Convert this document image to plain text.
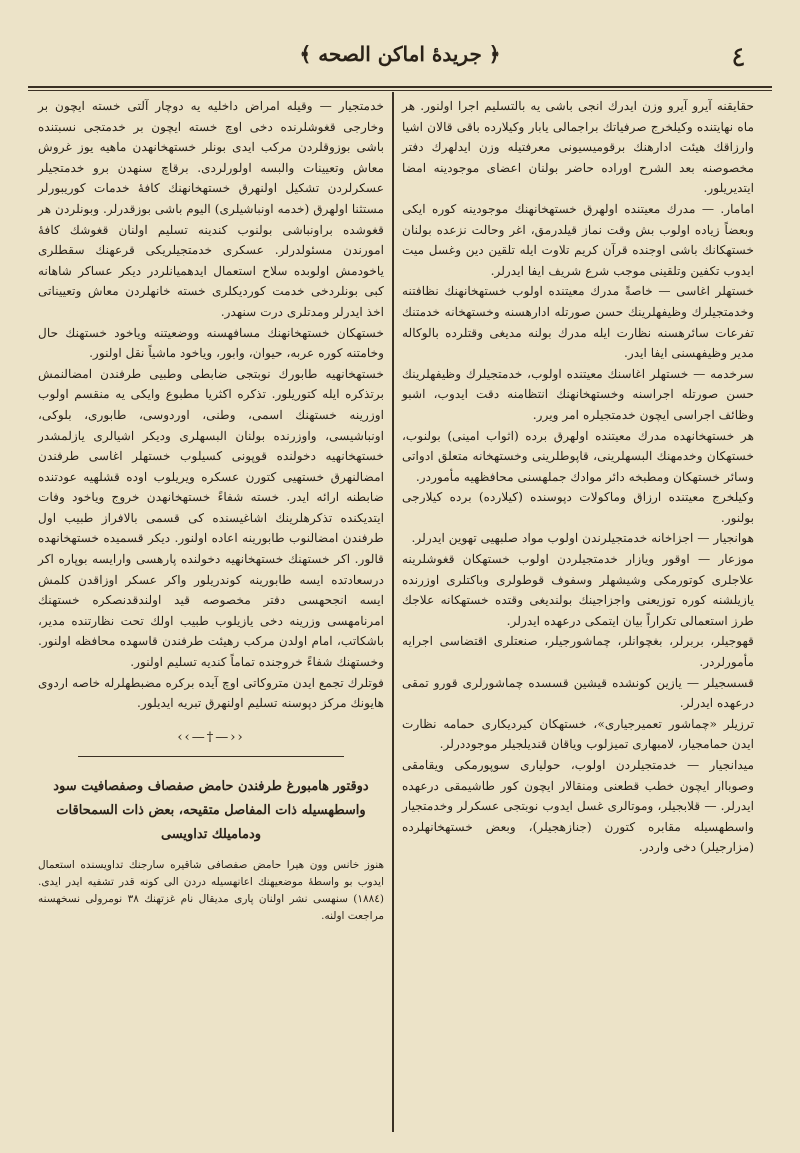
٤
﴿ جريدهٔ اماكن الصحه ﴾

حقايقنه آيرو آيرو وزن ايدرك انجى باشى يه بالتسليم اجرا اولنور. هر ماه نهايتنده وكيلخرج صرفياتك براجمالى يابار وكيلارده باقى قالان اشيا وارزاقك هيئت ادارهنك برقوميسيونى معرفتيله وزن ايدلهرك دفتر مخصوصنه بعد الشرح اوراده حاضر بولنان اعضاى موجودينه امضا ايتديريلور.

امامار. — مدرك معيتنده اولهرق خستهخانهنك موجودينه كوره ايكى وبعضاً زياده اولوب بش وقت نماز قيلدرمق، اغر وحالت نزعده بولنان خستهكانك باشى اوجنده قرآن كريم تلاوت ايله تلقين دين وغسل ميت ايدوب تكفين وتلقينى موجب شرع شريف ايفا ايدرلر.

خستهلر اغاسى — خاصةً مدرك معيتنده اولوب خستهخانهنك نظافتنه وخدمتجيلرك وظيفهلرينك حسن صورتله ادارهسنه وخستهخانه خدمتنك تفرعات سائرهسنه نظارت ايله مدرك بولنه مديغى وقتلرده بالوكاله مدير وظيفهسنى ايفا ايدر.

سرخدمه — خستهلر اغاسنك معيتنده اولوب، خدمتجيلرك وظيفهلرينك حسن صورتله اجراسنه وخستهخانهنك انتظامنه دقت ايدوب، اشبو وظائف اجراسى ايچون خدمتجيلره امر ويرر.

هر خستهخانهده مدرك معيتنده اولهرق برده (اثواب امينى) بولنوب، خستهكان وخدمهنك البسهلرينى، قاپوطلرينى وخستهخانه متعلق ادواتى وسائر خستهكان ومطبخه دائر موادك جملهسنى محافظهيه مأموردر.

وكيلخرج معيتنده ارزاق وماكولات دپوسنده (كيلارده) برده كيلارجى بولنور.

هوانجيار — اجزاخانه خدمتجيلرندن اولوب مواد صلبهيى تهوين ايدرلر.

موزعار — اوقور ويازار خدمتجيلردن اولوب خستهكان قغوشلرينه علاجلرى كوتورمكى وشيشهلر وسفوف قوطولرى وباكتلرى اوزرنده يازيلشنه كوره توزيعنى واجزاجينك بولنديغى وقتده خستهكانه علاجك طرز استعمالى تكراراً بيان ايتمكى درعهده ايدرلر.

قهوجيلر، بربرلر، بغچوانلر، چماشورجيلر، صنعتلرى اقتضاسى اجرايه مأمورلردر.

قسسجيلر — يازين كونشده قيشين قسسده چماشورلرى قورو تمقى درعهده ايدرلر.

ترزيلر «چماشور تعميرجيارى»، خستهكان كيرديكارى حمامه نظارت ايدن حمامجيار، لامبهارى تميزلوب وياقان قنديلجيلر موجوددرلر.

ميدانجيار — خدمتجيلردن اولوب، حوليارى سوپورمكى ويقامقى وصوباار ايچون خطب قطعنى ومنقالار ايچون كور طاشيمقى درعهده ايدرلر. — قلابجيلر، وموتالرى غسل ايدوب نوبتجى عسكرلر وخدمتجيار واسطهسيله مقابره كتورن (جنازهجيلر)، وبعض خستهخانهلرده (مزارجيلر) دخى واردر.

خدمتجيار — وقيله امراض داخليه يه دوچار آلتى خسته ايچون بر وخارجى قغوشلرنده دخى اوچ خسته ايچون بر خدمتجى نسبتنده باشى بوزوقلردن مركب ايدى بونلر خستهخانهدن ماهيه يوز غروش معاش وتعيينات والبسه اولورلردى. برقاچ سنهدن برو خدمتجيلر عسكرلردن تشكيل اولنهرق خستهخانهنك كافهٔ خدمات كوريبورلر مستثنا اولهرق (خدمه اونباشيلرى) اليوم باشى بوزقدرلر. وبونلردن هر قغوشده براونباشى بولنوب كندينه تسليم اولنان قغوشك كافهٔ امورندن مسئولدرلر. عسكرى خدمتجيلريكى قرعهنك سقطلرى ياخودمش اولوبده سلاح استعمال ايدهميانلردر ديكر عساكر شاهانه كبى بونلردخى خدمت كورديكلرى خسته خانهلردن معاش وتعييناتى اخذ ايدرلر ومدتلرى درت سنهدر.

خستهكان خستهخانهنك مسافهسنه ووضعيتنه وياخود خستهنك حال وخامتنه كوره عربه، حيوان، وابور، وياخود ماشياً نقل اولنور.

خستهخانهيه طابورك نوبتجى ضابطى وطبيى طرفندن امضالنمش برتذكره ايله كتوريلور. تذكره اكثريا مطبوع وايكى يه منقسم اولوب اوزرينه خستهنك اسمى، وطنى، اوردوسى، طابورى، بلوكى، اونباشيسى، واوزرنده بولنان البسهلرى وديكر اشيالرى يازلمشدر خستهخانهيه دخولنده قوپونى كسيلوب خستهلر اغاسى طرفندن امضالنهرق خستهيى كتورن عسكره ويريلوب اوده قشلهيه عودتنده ضابطنه ارائه ايدر. خسته شفاءً خستهخانهدن خروج وياخود وفات ايتديكنده تذكرهلرينك اشاغيسنده كى قسمى بالافراز طبيب اول طرفندن امضالنوب طابورينه اعاده اولنور. ديكر قسميده خستهخانهده قالور. اكر خستهنك خستهخانهيه دخولنده پارهسى وارايسه بوپاره اكر درسعادتده ايسه طابورينه كوندريلور واكر عسكر اوزاقدن كلمش ايسه انجحهسى دفتر مخصوصه قيد اولندقدنصكره خستهنك امرنامهسى وزرينه دخى يازيلوب طبيب اولك تحت نظارتنده مدير، باشكاتب، امام اولدن مركب رهيئت طرفندن قاسهده محافظه اولنور. وخستهنك شفاءً خروجنده تماماً كنديه تسليم اولنور.

فوتلرك تجمع ايدن متروكاتى اوچ آيده بركره مضبطهلرله خاصه اردوى هايونك مركز دپوسنه تسليم اولنهرق تبريه ايديلور.

‹‹—†—››
دوقتور هامبورغ طرفندن حامض صفصاف وصفصافيت سود واسطهسيله ذات المفاصل متقيحه، بعض ذات السمحاقات ودماميلك تداويسى

هنوز خانس وون هيرا حامض صفصافى شاقيره سارجنك تداويسنده استعمال ايدوب بو واسطهٔ موضعيهنك اعانهسيله دردن الى كونه قدر تشفيه ايدر ايدى. (١٨٨٤) سنهسى نشر اولنان پارى مديقال نام غزتهنك ٣٨ نومرولى نسخهسنه مراجعت اولنه.
